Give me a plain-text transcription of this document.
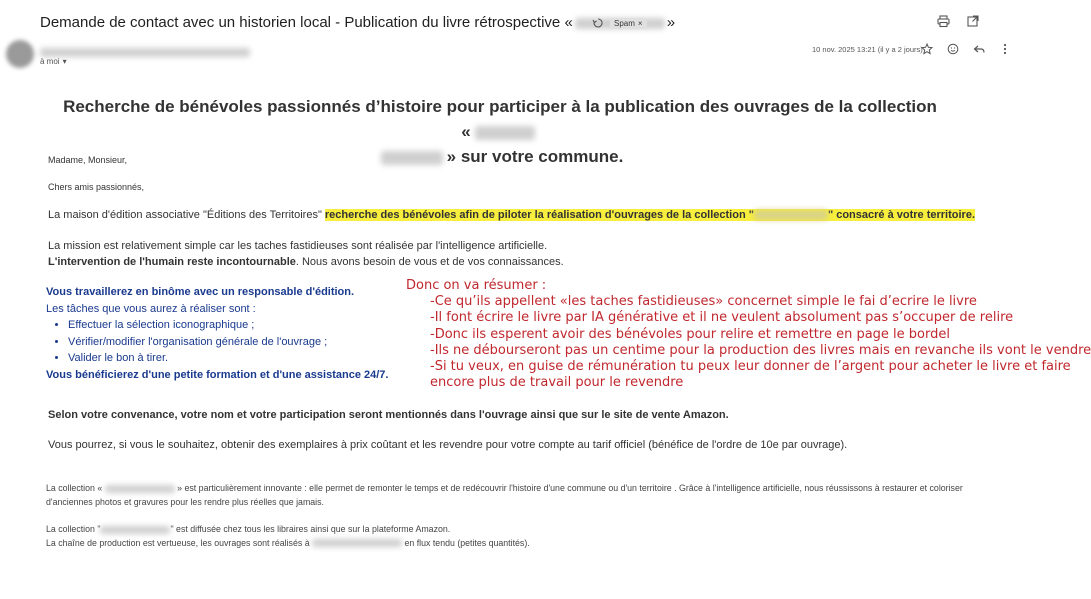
Demande de contact avec un historien local - Publication du livre rétrospective «	»
Spam ×
à moi ▾
10 nov. 2025 13:21 (il y a 2 jours)
Recherche de bénévoles passionnés d’histoire pour participer à la publication des ouvrages de la collection «
» sur votre commune.
Madame, Monsieur,
Chers amis passionnés,
La maison d'édition associative "Éditions des Territoires" recherche des bénévoles afin de piloter la réalisation d'ouvrages de la collection "	" consacré à votre territoire.
La mission est relativement simple car les taches fastidieuses sont réalisée par l'intelligence artificielle.
L'intervention de l'humain reste incontournable. Nous avons besoin de vous et de vos connaissances.
Vous travaillerez en binôme avec un responsable d'édition.
Les tâches que vous aurez à réaliser sont :
• Effectuer la sélection iconographique ;
• Vérifier/modifier l'organisation générale de l'ouvrage ;
• Valider le bon à tirer.
Vous bénéficierez d'une petite formation et d'une assistance 24/7.
Donc on va résumer :
-Ce qu’ils appellent «les taches fastidieuses» concernet simple le fai d’ecrire le livre
-Il font écrire le livre par IA générative et il ne veulent absolument pas s’occuper de relire
-Donc ils esperent avoir des bénévoles pour relire et remettre en page le bordel
-Ils ne débourseront pas un centime pour la production des livres mais en revanche ils vont le vendre
-Si tu veux, en guise de rémunération tu peux leur donner de l’argent pour acheter le livre et faire
encore plus de travail pour le revendre
Selon votre convenance, votre nom et votre participation seront mentionnés dans l'ouvrage ainsi que sur le site de vente Amazon.
Vous pourrez, si vous le souhaitez, obtenir des exemplaires à prix coûtant et les revendre pour votre compte au tarif officiel (bénéfice de l'ordre de 10e par ouvrage).
La collection «	» est particulièrement innovante : elle permet de remonter le temps et de redécouvrir l'histoire d'une commune ou d'un territoire . Grâce à l'intelligence artificielle, nous réussissons à restaurer et coloriser
d'anciennes photos et gravures pour les rendre plus réelles que jamais.
La collection "	" est diffusée chez tous les libraires ainsi que sur la plateforme Amazon.
La chaîne de production est vertueuse, les ouvrages sont réalisés à	en flux tendu (petites quantités).
